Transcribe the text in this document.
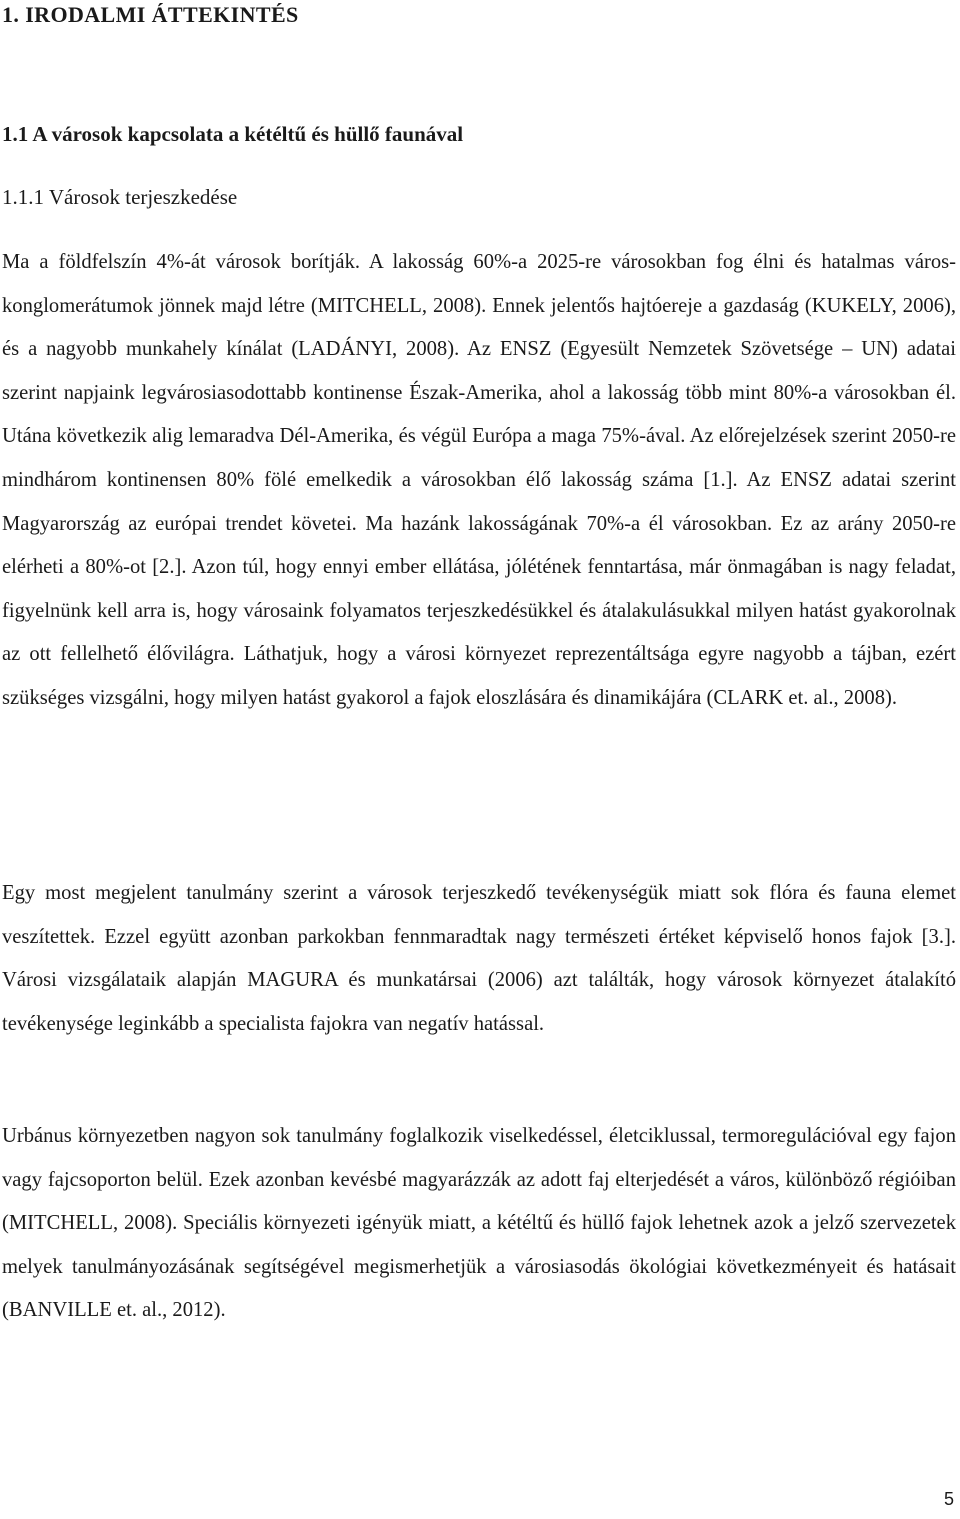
1. IRODALMI ÁTTEKINTÉS
1.1 A városok kapcsolata a kétéltű és hüllő faunával
1.1.1 Városok terjeszkedése

Ma a földfelszín 4%-át városok borítják. A lakosság 60%-a 2025-re városokban fog élni és hatalmas város-konglomerátumok jönnek majd létre (MITCHELL, 2008). Ennek jelentős hajtóereje a gazdaság (KUKELY, 2006), és a nagyobb munkahely kínálat (LADÁNYI, 2008). Az ENSZ (Egyesült Nemzetek Szövetsége – UN) adatai szerint napjaink legvárosiasodottabb kontinense Észak-Amerika, ahol a lakosság több mint 80%-a városokban él. Utána következik alig lemaradva Dél-Amerika, és végül Európa a maga 75%-ával. Az előrejelzések szerint 2050-re mindhárom kontinensen 80% fölé emelkedik a városokban élő lakosság száma [1.]. Az ENSZ adatai szerint Magyarország az európai trendet követei. Ma hazánk lakosságának 70%-a él városokban. Ez az arány 2050-re elérheti a 80%-ot [2.]. Azon túl, hogy ennyi ember ellátása, jólétének fenntartása, már önmagában is nagy feladat, figyelnünk kell arra is, hogy városaink folyamatos terjeszkedésükkel és átalakulásukkal milyen hatást gyakorolnak az ott fellelhető élővilágra. Láthatjuk, hogy a városi környezet reprezentáltsága egyre nagyobb a tájban, ezért szükséges vizsgálni, hogy milyen hatást gyakorol a fajok eloszlására és dinamikájára (CLARK et. al., 2008).

Egy most megjelent tanulmány szerint a városok terjeszkedő tevékenységük miatt sok flóra és fauna elemet veszítettek. Ezzel együtt azonban parkokban fennmaradtak nagy természeti értéket képviselő honos fajok [3.]. Városi vizsgálataik alapján MAGURA és munkatársai (2006) azt találták, hogy városok környezet átalakító tevékenysége leginkább a specialista fajokra van negatív hatással.

Urbánus környezetben nagyon sok tanulmány foglalkozik viselkedéssel, életciklussal, termoregulációval egy fajon vagy fajcsoporton belül. Ezek azonban kevésbé magyarázzák az adott faj elterjedését a város, különböző régióiban (MITCHELL, 2008). Speciális környezeti igényük miatt, a kétéltű és hüllő fajok lehetnek azok a jelző szervezetek melyek tanulmányozásának segítségével megismerhetjük a városiasodás ökológiai következményeit és hatásait (BANVILLE et. al., 2012).

5
